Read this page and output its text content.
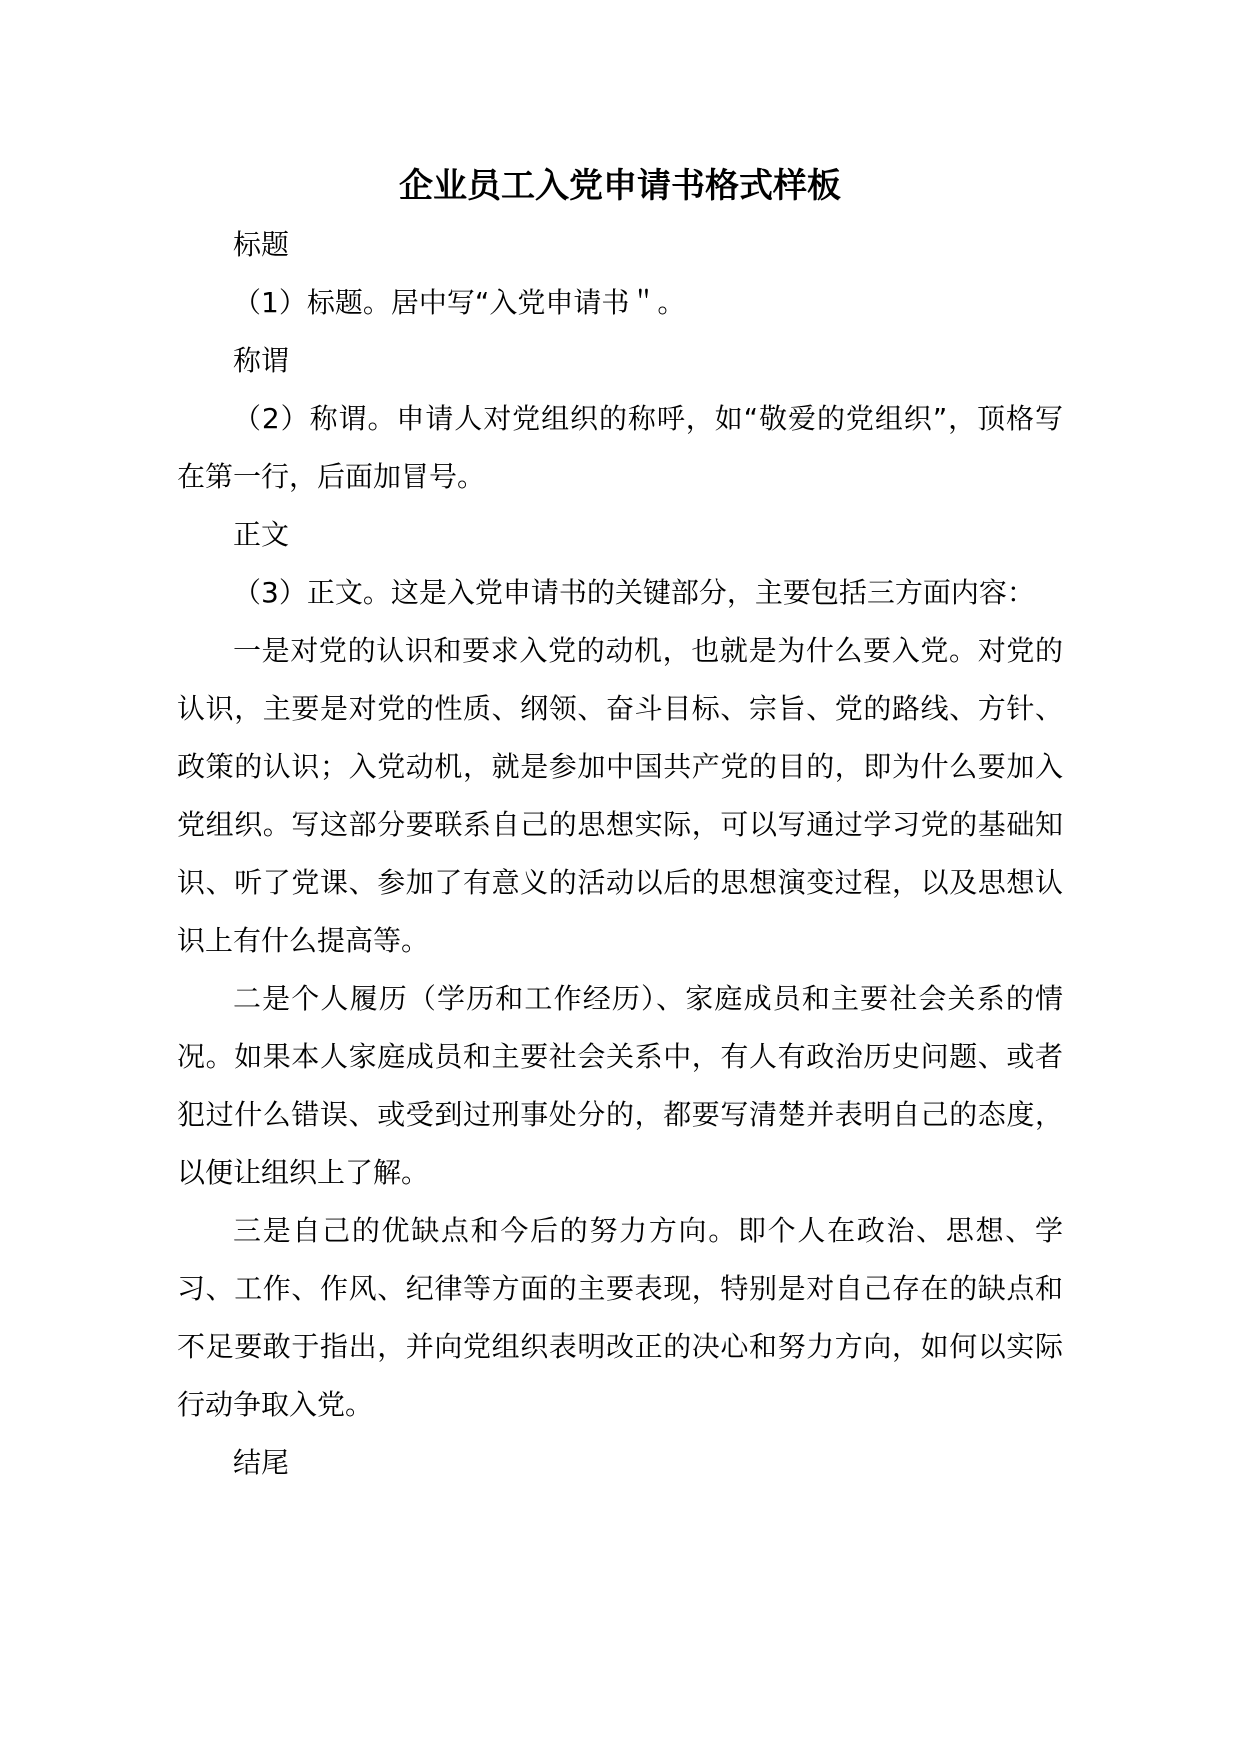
企业员工入党申请书格式样板

标题

（1）标题。居中写“入党申请书＂。

称谓

（2）称谓。申请人对党组织的称呼，如“敬爱的党组织”，顶格写在第一行，后面加冒号。

正文

（3）正文。这是入党申请书的关键部分，主要包括三方面内容：

一是对党的认识和要求入党的动机，也就是为什么要入党。对党的认识，主要是对党的性质、纲领、奋斗目标、宗旨、党的路线、方针、政策的认识；入党动机，就是参加中国共产党的目的，即为什么要加入党组织。写这部分要联系自己的思想实际，可以写通过学习党的基础知识、听了党课、参加了有意义的活动以后的思想演变过程，以及思想认识上有什么提高等。

二是个人履历（学历和工作经历）、家庭成员和主要社会关系的情况。如果本人家庭成员和主要社会关系中，有人有政治历史问题、或者犯过什么错误、或受到过刑事处分的，都要写清楚并表明自己的态度，以便让组织上了解。

三是自己的优缺点和今后的努力方向。即个人在政治、思想、学习、工作、作风、纪律等方面的主要表现，特别是对自己存在的缺点和不足要敢于指出，并向党组织表明改正的决心和努力方向，如何以实际行动争取入党。

结尾
